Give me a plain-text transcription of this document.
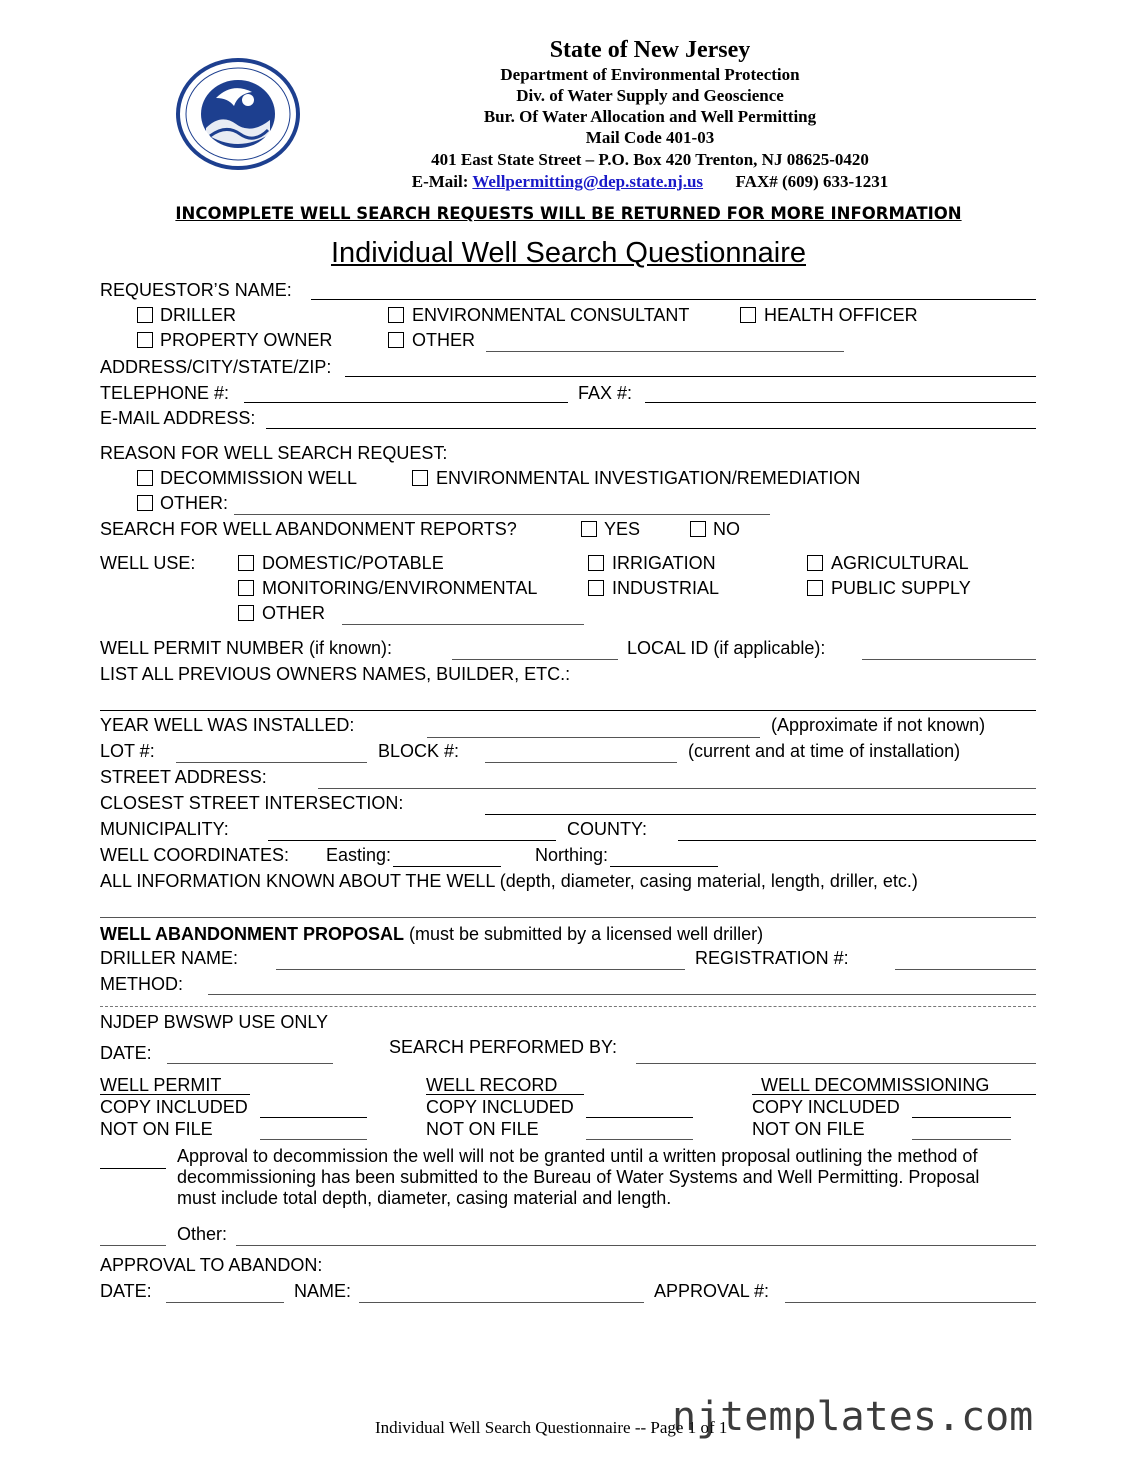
State of New Jersey
Department of Environmental Protection
Div. of Water Supply and Geoscience
Bur. Of Water Allocation and Well Permitting
Mail Code 401-03
401 East State Street – P.O. Box 420 Trenton, NJ 08625-0420
E-Mail: Wellpermitting@dep.state.nj.us FAX# (609) 633-1231
INCOMPLETE WELL SEARCH REQUESTS WILL BE RETURNED FOR MORE INFORMATION
Individual Well Search Questionnaire
REQUESTOR’S NAME:
DRILLER	ENVIRONMENTAL CONSULTANT	HEALTH OFFICER
PROPERTY OWNER	OTHER
ADDRESS/CITY/STATE/ZIP:
TELEPHONE #:	FAX #:
E-MAIL ADDRESS:
REASON FOR WELL SEARCH REQUEST:
DECOMMISSION WELL	ENVIRONMENTAL INVESTIGATION/REMEDIATION
OTHER:
SEARCH FOR WELL ABANDONMENT REPORTS?	YES	NO
WELL USE:	DOMESTIC/POTABLE	IRRIGATION	AGRICULTURAL
MONITORING/ENVIRONMENTAL	INDUSTRIAL	PUBLIC SUPPLY
OTHER
WELL PERMIT NUMBER (if known):	LOCAL ID (if applicable):
LIST ALL PREVIOUS OWNERS NAMES, BUILDER, ETC.:
YEAR WELL WAS INSTALLED:	(Approximate if not known)
LOT #:	BLOCK #:	(current and at time of installation)
STREET ADDRESS:
CLOSEST STREET INTERSECTION:
MUNICIPALITY:	COUNTY:
WELL COORDINATES: Easting:	Northing:
ALL INFORMATION KNOWN ABOUT THE WELL (depth, diameter, casing material, length, driller, etc.)
WELL ABANDONMENT PROPOSAL (must be submitted by a licensed well driller)
DRILLER NAME:	REGISTRATION #:
METHOD:
NJDEP BWSWP USE ONLY
DATE:	SEARCH PERFORMED BY:
WELL PERMIT	WELL RECORD	WELL DECOMMISSIONING
COPY INCLUDED	COPY INCLUDED	COPY INCLUDED
NOT ON FILE	NOT ON FILE	NOT ON FILE
Approval to decommission the well will not be granted until a written proposal outlining the method of
decommissioning has been submitted to the Bureau of Water Systems and Well Permitting. Proposal
must include total depth, diameter, casing material and length.
Other:
APPROVAL TO ABANDON:
DATE:	NAME:	APPROVAL #:
Individual Well Search Questionnaire -- Page 1 of 1
njtemplates.com
